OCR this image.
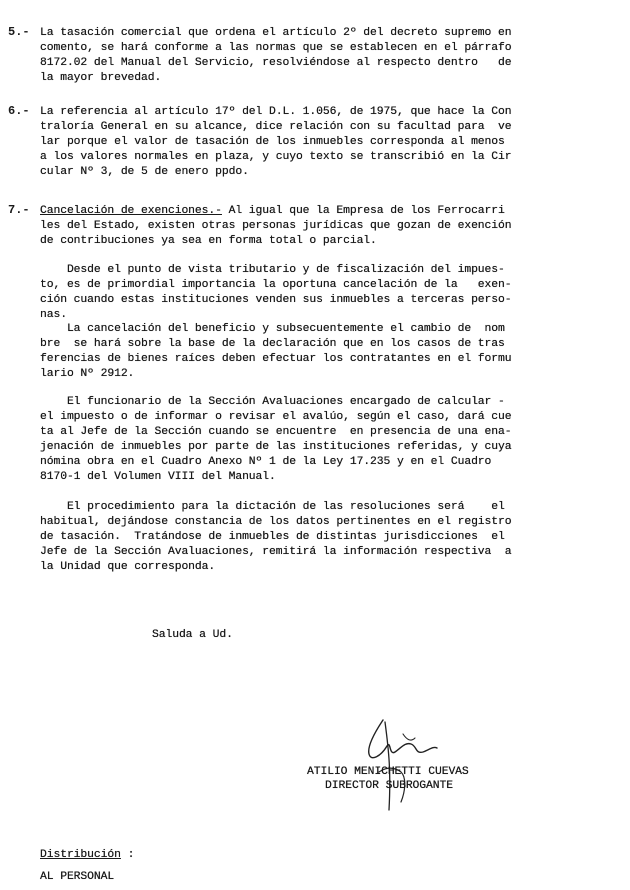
5.- La tasación comercial que ordena el artículo 2º del decreto supremo en
comento, se hará conforme a las normas que se establecen en el párrafo
8172.02 del Manual del Servicio, resolviéndose al respecto dentro   de
la mayor brevedad.
6.- La referencia al artículo 17º del D.L. 1.056, de 1975, que hace la Con
traloría General en su alcance, dice relación con su facultad para  ve
lar porque el valor de tasación de los inmuebles corresponda al menos
a los valores normales en plaza, y cuyo texto se transcribió en la Cir
cular Nº 3, de 5 de enero ppdo.
7.- Cancelación de exenciones.- Al igual que la Empresa de los Ferrocarri
les del Estado, existen otras personas jurídicas que gozan de exención
de contribuciones ya sea en forma total o parcial.
Desde el punto de vista tributario y de fiscalización del impues-
to, es de primordial importancia la oportuna cancelación de la   exen-
ción cuando estas instituciones venden sus inmuebles a terceras perso-
nas.
La cancelación del beneficio y subsecuentemente el cambio de  nom
bre  se hará sobre la base de la declaración que en los casos de tras
ferencias de bienes raíces deben efectuar los contratantes en el formu
lario Nº 2912.
El funcionario de la Sección Avaluaciones encargado de calcular -
el impuesto o de informar o revisar el avalúo, según el caso, dará cue
ta al Jefe de la Sección cuando se encuentre  en presencia de una ena-
jenación de inmuebles por parte de las instituciones referidas, y cuya
nómina obra en el Cuadro Anexo Nº 1 de la Ley 17.235 y en el Cuadro
8170-1 del Volumen VIII del Manual.
El procedimiento para la dictación de las resoluciones será    el
habitual, dejándose constancia de los datos pertinentes en el registro
de tasación.  Tratándose de inmuebles de distintas jurisdicciones  el
Jefe de la Sección Avaluaciones, remitirá la información respectiva  a
la Unidad que corresponda.
Saluda a Ud.
ATILIO MENICHETTI CUEVAS
DIRECTOR SUBROGANTE
Distribución :
AL PERSONAL
